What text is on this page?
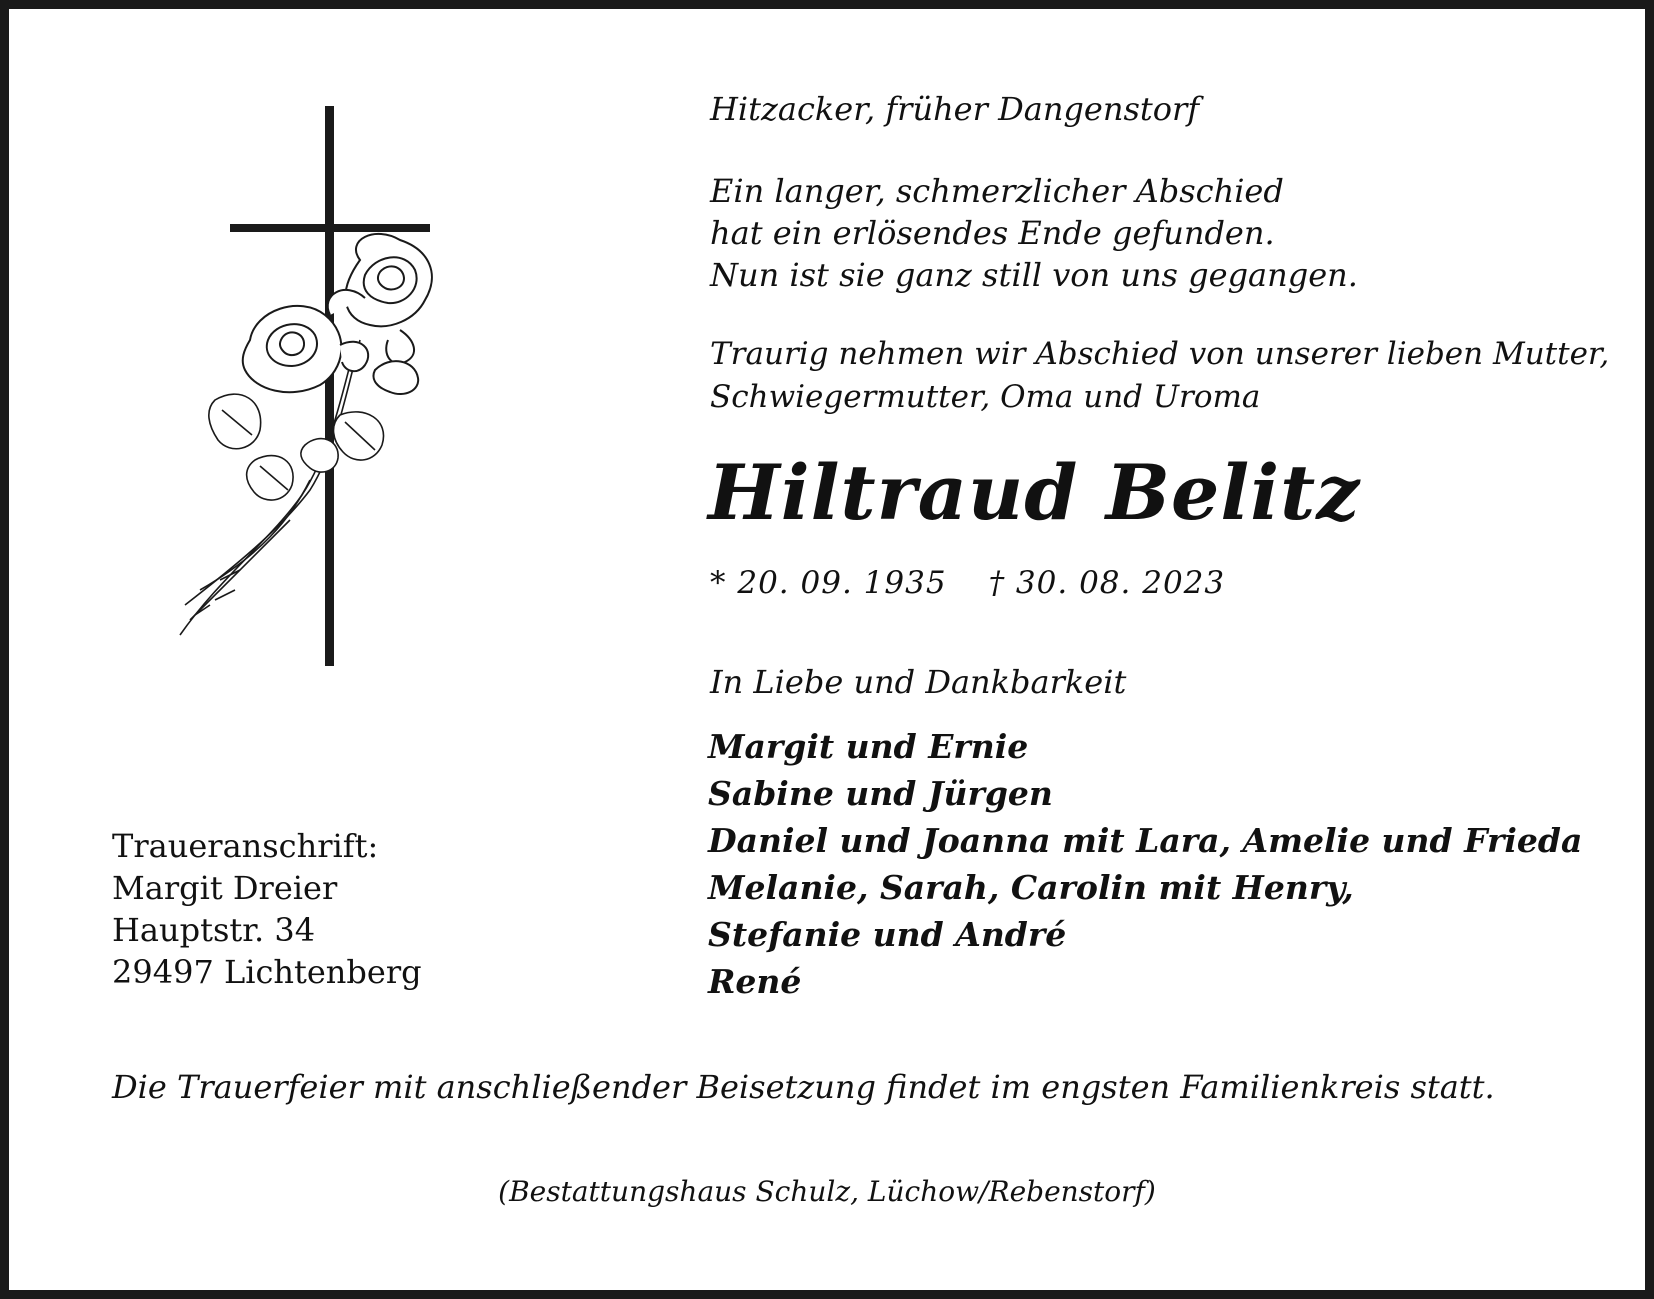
Hitzacker, früher Dangenstorf
Ein langer, schmerzlicher Abschied
hat ein erlösendes Ende gefunden.
Nun ist sie ganz still von uns gegangen.
Traurig nehmen wir Abschied von unserer lieben Mutter,
Schwiegermutter, Oma und Uroma
Hiltraud Belitz
* 20. 09. 1935 † 30. 08. 2023
In Liebe und Dankbarkeit
Margit und Ernie
Sabine und Jürgen
Daniel und Joanna mit Lara, Amelie und Frieda
Melanie, Sarah, Carolin mit Henry,
Stefanie und André
René
Traueranschrift:
Margit Dreier
Hauptstr. 34
29497 Lichtenberg
Die Trauerfeier mit anschließender Beisetzung findet im engsten Familienkreis statt.
(Bestattungshaus Schulz, Lüchow/Rebenstorf)
